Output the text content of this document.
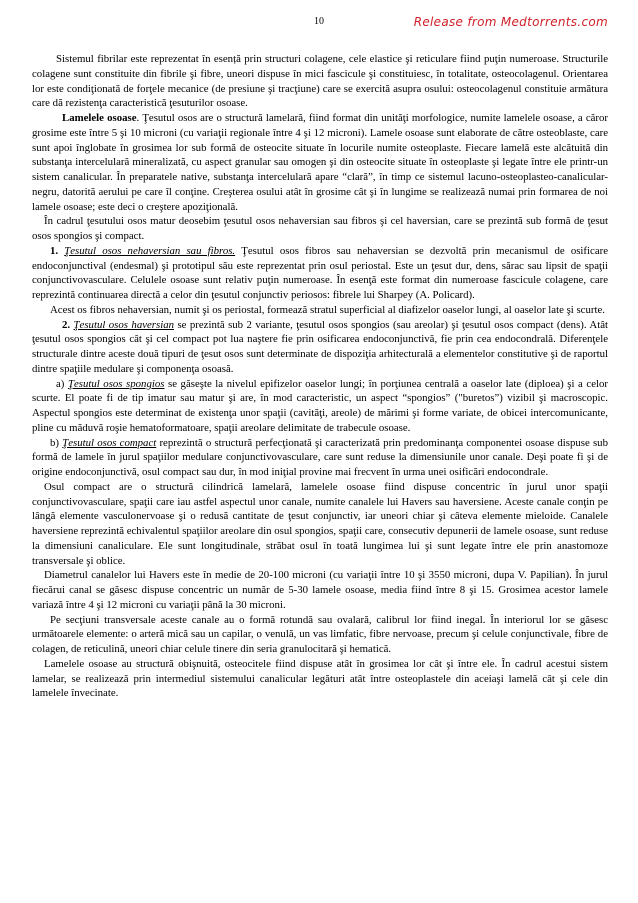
10	Release from Medtorrents.com

Sistemul fibrilar este reprezentat în esență prin structuri colagene, cele elastice şi reticulare fiind puţin numeroase. Structurile colagene sunt constituite din fibrile şi fibre, uneori dispuse în mici fascicule şi constituiesc, în totalitate, osteocolagenul. Orientarea lor este condiţionată de forţele mecanice (de presiune şi tracţiune) care se exercită asupra osului: osteocolagenul constituie armătura care dă rezistenţa caracteristică ţesuturilor osoase.

Lamelele osoase. Ţesutul osos are o structură lamelară, fiind format din unităţi morfologice, numite lamelele osoase, a căror grosime este între 5 şi 10 microni (cu variaţii regionale între 4 şi 12 microni). Lamele osoase sunt elaborate de către osteoblaste, care sunt apoi înglobate în grosimea lor sub formă de osteocite situate în locurile numite osteoplaste. Fiecare lamelă este alcătuită din substanţa intercelulară mineralizată, cu aspect granular sau omogen şi din osteocite situate în osteoplaste şi legate între ele printr-un sistem canalicular. În preparatele native, substanţa intercelulară apare “clară”, în timp ce sistemul lacuno-osteoplasteo-canalicular-negru, datorită aerului pe care îl conţine. Creşterea osului atât în grosime cât şi în lungime se realizează numai prin formarea de noi lamele osoase; este deci o creştere apoziţională.

În cadrul ţesutului osos matur deosebim ţesutul osos nehaversian sau fibros şi cel haversian, care se prezintă sub formă de ţesut osos spongios şi compact.

1. Ţesutul osos nehaversian sau fibros. Ţesutul osos fibros sau nehaversian se dezvoltă prin mecanismul de osificare endoconjunctival (endesmal) şi prototipul său este reprezentat prin osul periostal. Este un ţesut dur, dens, sărac sau lipsit de spaţii conjunctivovasculare. Celulele osoase sunt relativ puţin numeroase. În esenţă este format din numeroase fascicule colagene, care reprezintă continuarea directă a celor din ţesutul conjunctiv periosos: fibrele lui Sharpey (A. Policard).

Acest os fibros nehaversian, numit şi os periostal, formează stratul superficial al diafizelor oaselor lungi, al oaselor late şi scurte.

2. Ţesutul osos haversian se prezintă sub 2 variante, ţesutul osos spongios (sau areolar) şi ţesutul osos compact (dens). Atât ţesutul osos spongios cât şi cel compact pot lua naştere fie prin osificarea endoconjunctivă, fie prin cea endocondrală. Diferenţele structurale dintre aceste două tipuri de ţesut osos sunt determinate de dispoziţia arhitecturală a elementelor constitutive şi de raportul dintre spaţiile medulare şi componenţa osoasă.

a) Ţesutul osos spongios se găseşte la nivelul epifizelor oaselor lungi; în porţiunea centrală a oaselor late (diploea) şi a celor scurte. El poate fi de tip imatur sau matur şi are, în mod caracteristic, un aspect “spongios” ("buretos”) vizibil şi macroscopic. Aspectul spongios este determinat de existenţa unor spaţii (cavităţi, areole) de mărimi şi forme variate, de obicei intercomunicante, pline cu măduvă roşie hematoformatoare, spaţii areolare delimitate de trabecule osoase.

b) Ţesutul osos compact reprezintă o structură perfecţionată şi caracterizată prin predominanţa componentei osoase dispuse sub formă de lamele în jurul spaţiilor medulare conjunctivovasculare, care sunt reduse la dimensiunile unor canale. Deşi poate fi şi de origine endoconjunctivă, osul compact sau dur, în mod iniţial provine mai frecvent în urma unei osificări endocondrale.

Osul compact are o structură cilindrică lamelară, lamelele osoase fiind dispuse concentric în jurul unor spaţii conjunctivovasculare, spaţii care iau astfel aspectul unor canale, numite canalele lui Havers sau haversiene. Aceste canale conţin pe lângă elemente vasculonervoase şi o redusă cantitate de ţesut conjunctiv, iar uneori chiar şi câteva elemente mieloide. Canalele haversiene reprezintă echivalentul spaţiilor areolare din osul spongios, spaţii care, consecutiv depunerii de lamele osoase, sunt reduse la dimensiuni canaliculare. Ele sunt longitudinale, străbat osul în toată lungimea lui şi sunt legate între ele prin anastomoze transversale şi oblice.

Diametrul canalelor lui Havers este în medie de 20-100 microni (cu variaţii între 10 şi 3550 microni, dupa V. Papilian). În jurul fiecărui canal se găsesc dispuse concentric un număr de 5-30 lamele osoase, media fiind între 8 şi 15. Grosimea acestor lamele variază între 4 şi 12 microni cu variaţii până la 30 microni.

Pe secţiuni transversale aceste canale au o formă rotundă sau ovalară, calibrul lor fiind inegal. În interiorul lor se găsesc următoarele elemente: o arteră mică sau un capilar, o venulă, un vas limfatic, fibre nervoase, precum şi celule conjunctivale, fibre de colagen, de reticulină, uneori chiar celule tinere din seria granulocitară şi hematică.

Lamelele osoase au structură obişnuită, osteocitele fiind dispuse atât în grosimea lor cât şi între ele. În cadrul acestui sistem lamelar, se realizează prin intermediul sistemului canalicular legături atât între osteoplastele din aceiaşi lamelă cât şi cele din lamelele învecinate.
